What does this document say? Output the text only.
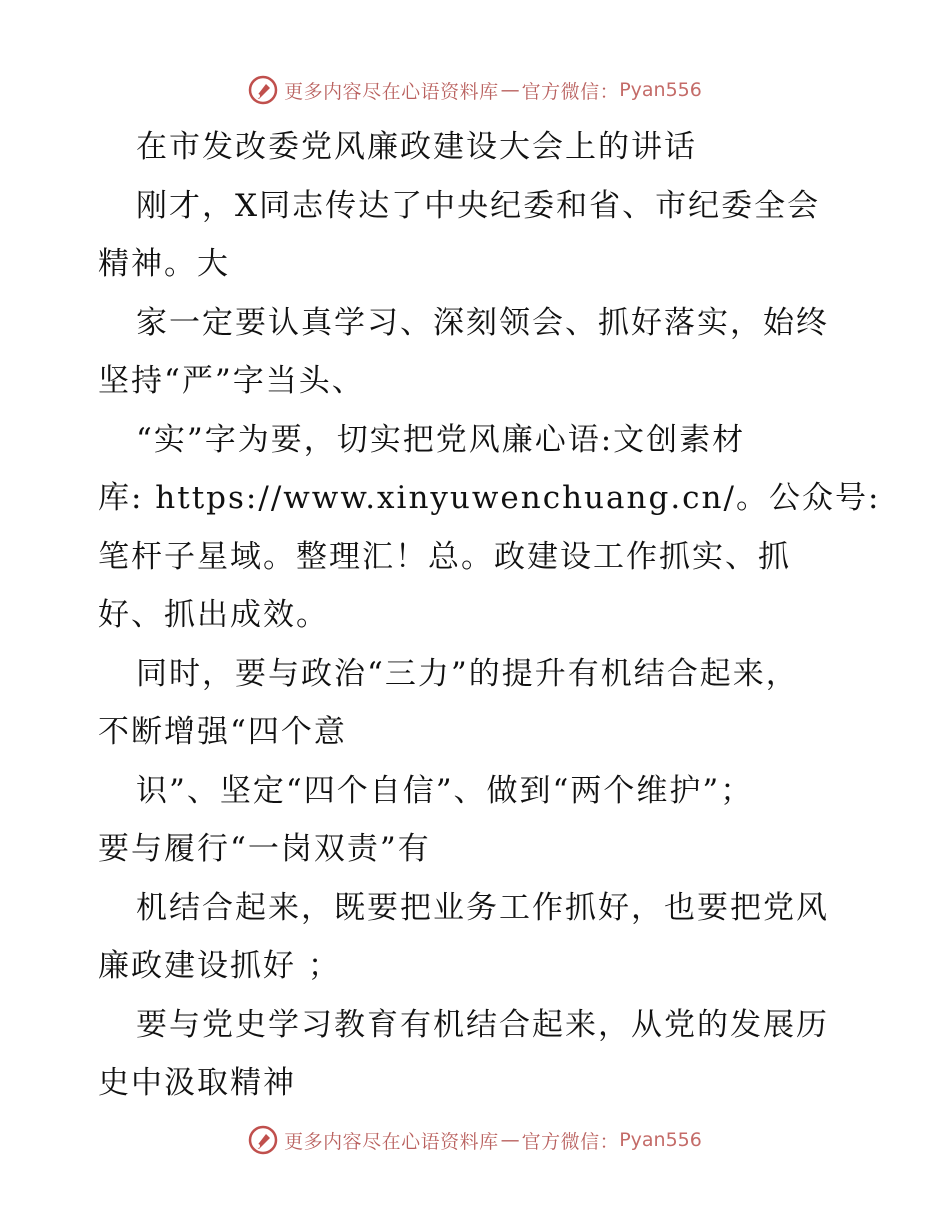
更多内容尽在心语资料库 — 官方微信： Pyan556
在市发改委党风廉政建设大会上的讲话
刚才，X同志传达了中央纪委和省、市纪委全会
精神。大
家一定要认真学习、深刻领会、抓好落实，始终
坚持“严”字当头、
“实”字为要，切实把党风廉心语:文创素材
库: https://www.xinyuwenchuang.cn/。公众号:
笔杆子星域。整理汇！总。政建设工作抓实、抓
好、抓出成效。
同时，要与政治“三力”的提升有机结合起来，
不断增强“四个意
识”、坚定“四个自信”、做到“两个维护”；
要与履行“一岗双责”有
机结合起来，既要把业务工作抓好，也要把党风
廉政建设抓好 ；
要与党史学习教育有机结合起来，从党的发展历
史中汲取精神
更多内容尽在心语资料库 — 官方微信： Pyan556
